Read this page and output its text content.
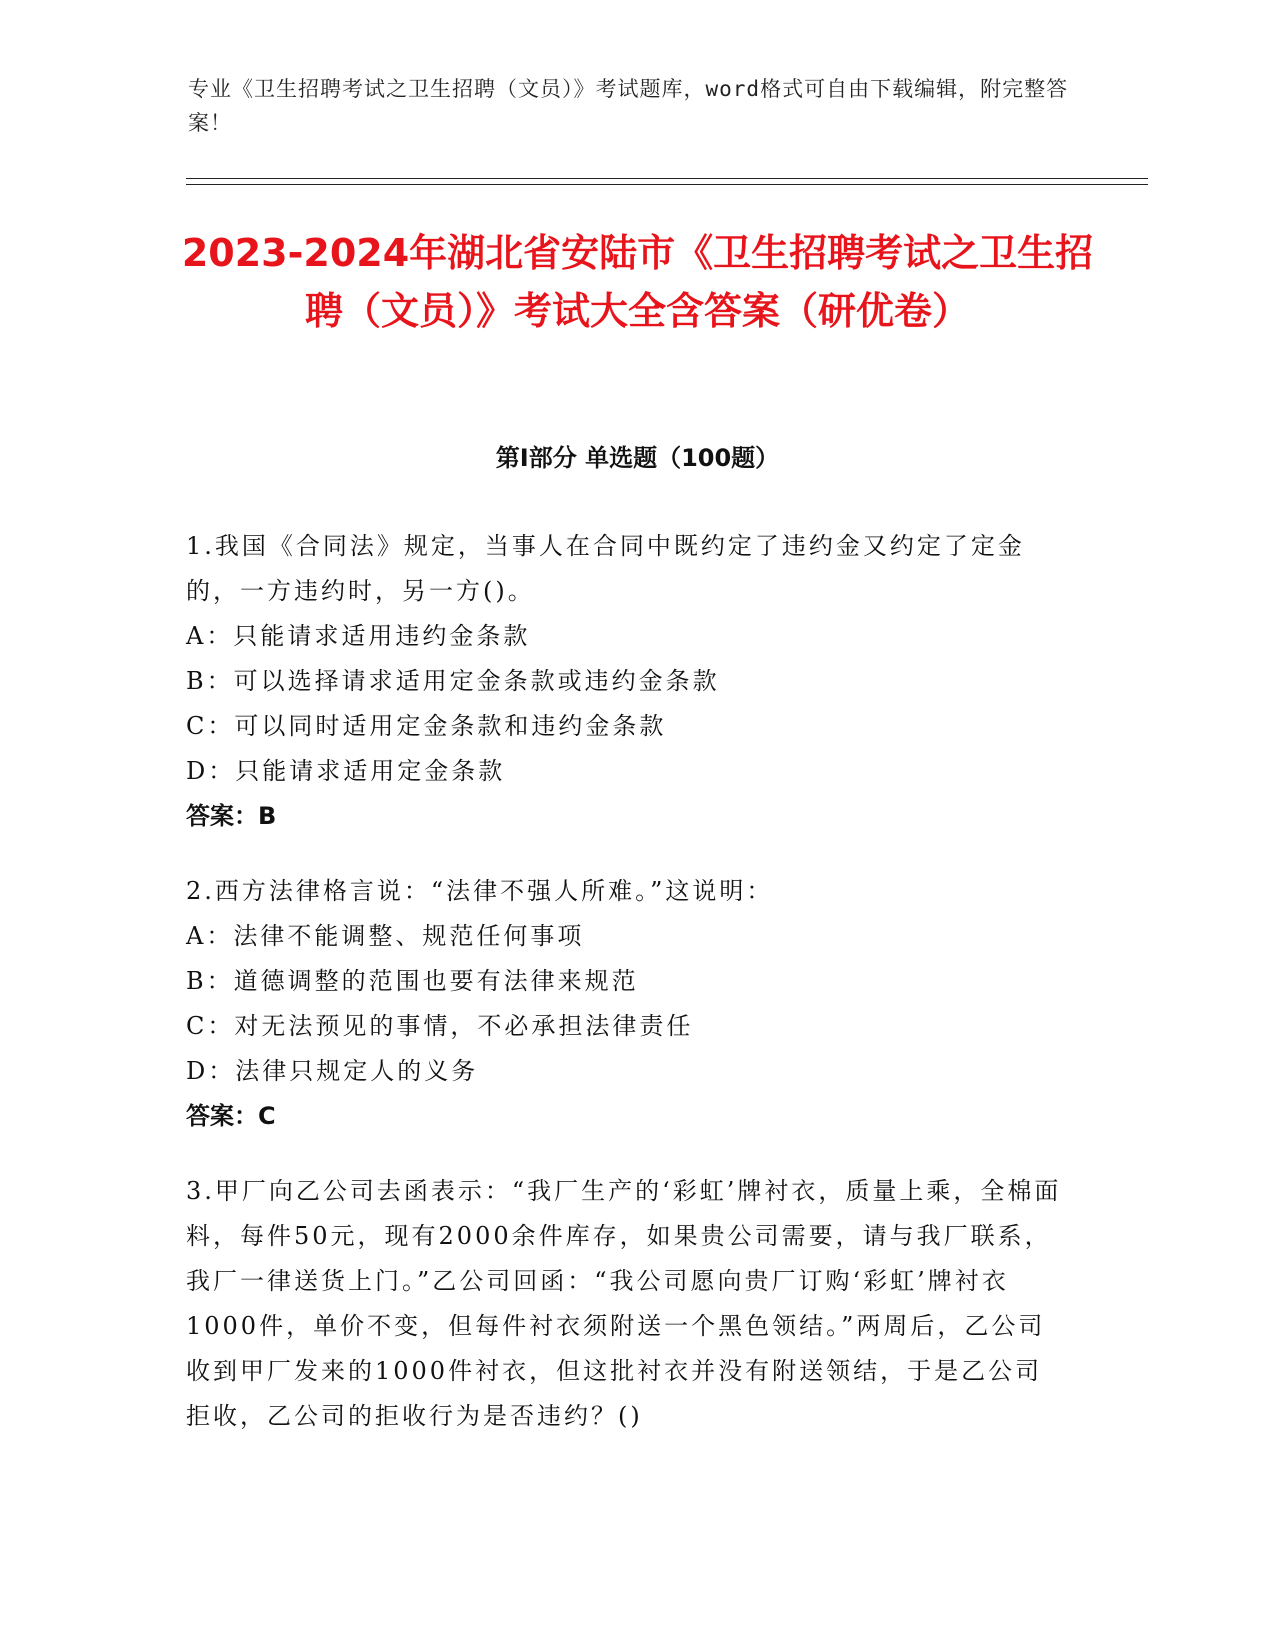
专业《卫生招聘考试之卫生招聘（文员）》考试题库，word格式可自由下载编辑，附完整答案！
2023-2024年湖北省安陆市《卫生招聘考试之卫生招聘（文员）》考试大全含答案（研优卷）
第I部分 单选题（100题）
1.我国《合同法》规定，当事人在合同中既约定了违约金又约定了定金的，一方违约时，另一方()。
A：只能请求适用违约金条款
B：可以选择请求适用定金条款或违约金条款
C：可以同时适用定金条款和违约金条款
D：只能请求适用定金条款
答案：B
2.西方法律格言说：“法律不强人所难。”这说明：
A：法律不能调整、规范任何事项
B：道德调整的范围也要有法律来规范
C：对无法预见的事情，不必承担法律责任
D：法律只规定人的义务
答案：C
3.甲厂向乙公司去函表示：“我厂生产的‘彩虹’牌衬衣，质量上乘，全棉面料，每件50元，现有2000余件库存，如果贵公司需要，请与我厂联系，我厂一律送货上门。”乙公司回函：“我公司愿向贵厂订购‘彩虹’牌衬衣1000件，单价不变，但每件衬衣须附送一个黑色领结。”两周后，乙公司收到甲厂发来的1000件衬衣，但这批衬衣并没有附送领结，于是乙公司拒收，乙公司的拒收行为是否违约？()
